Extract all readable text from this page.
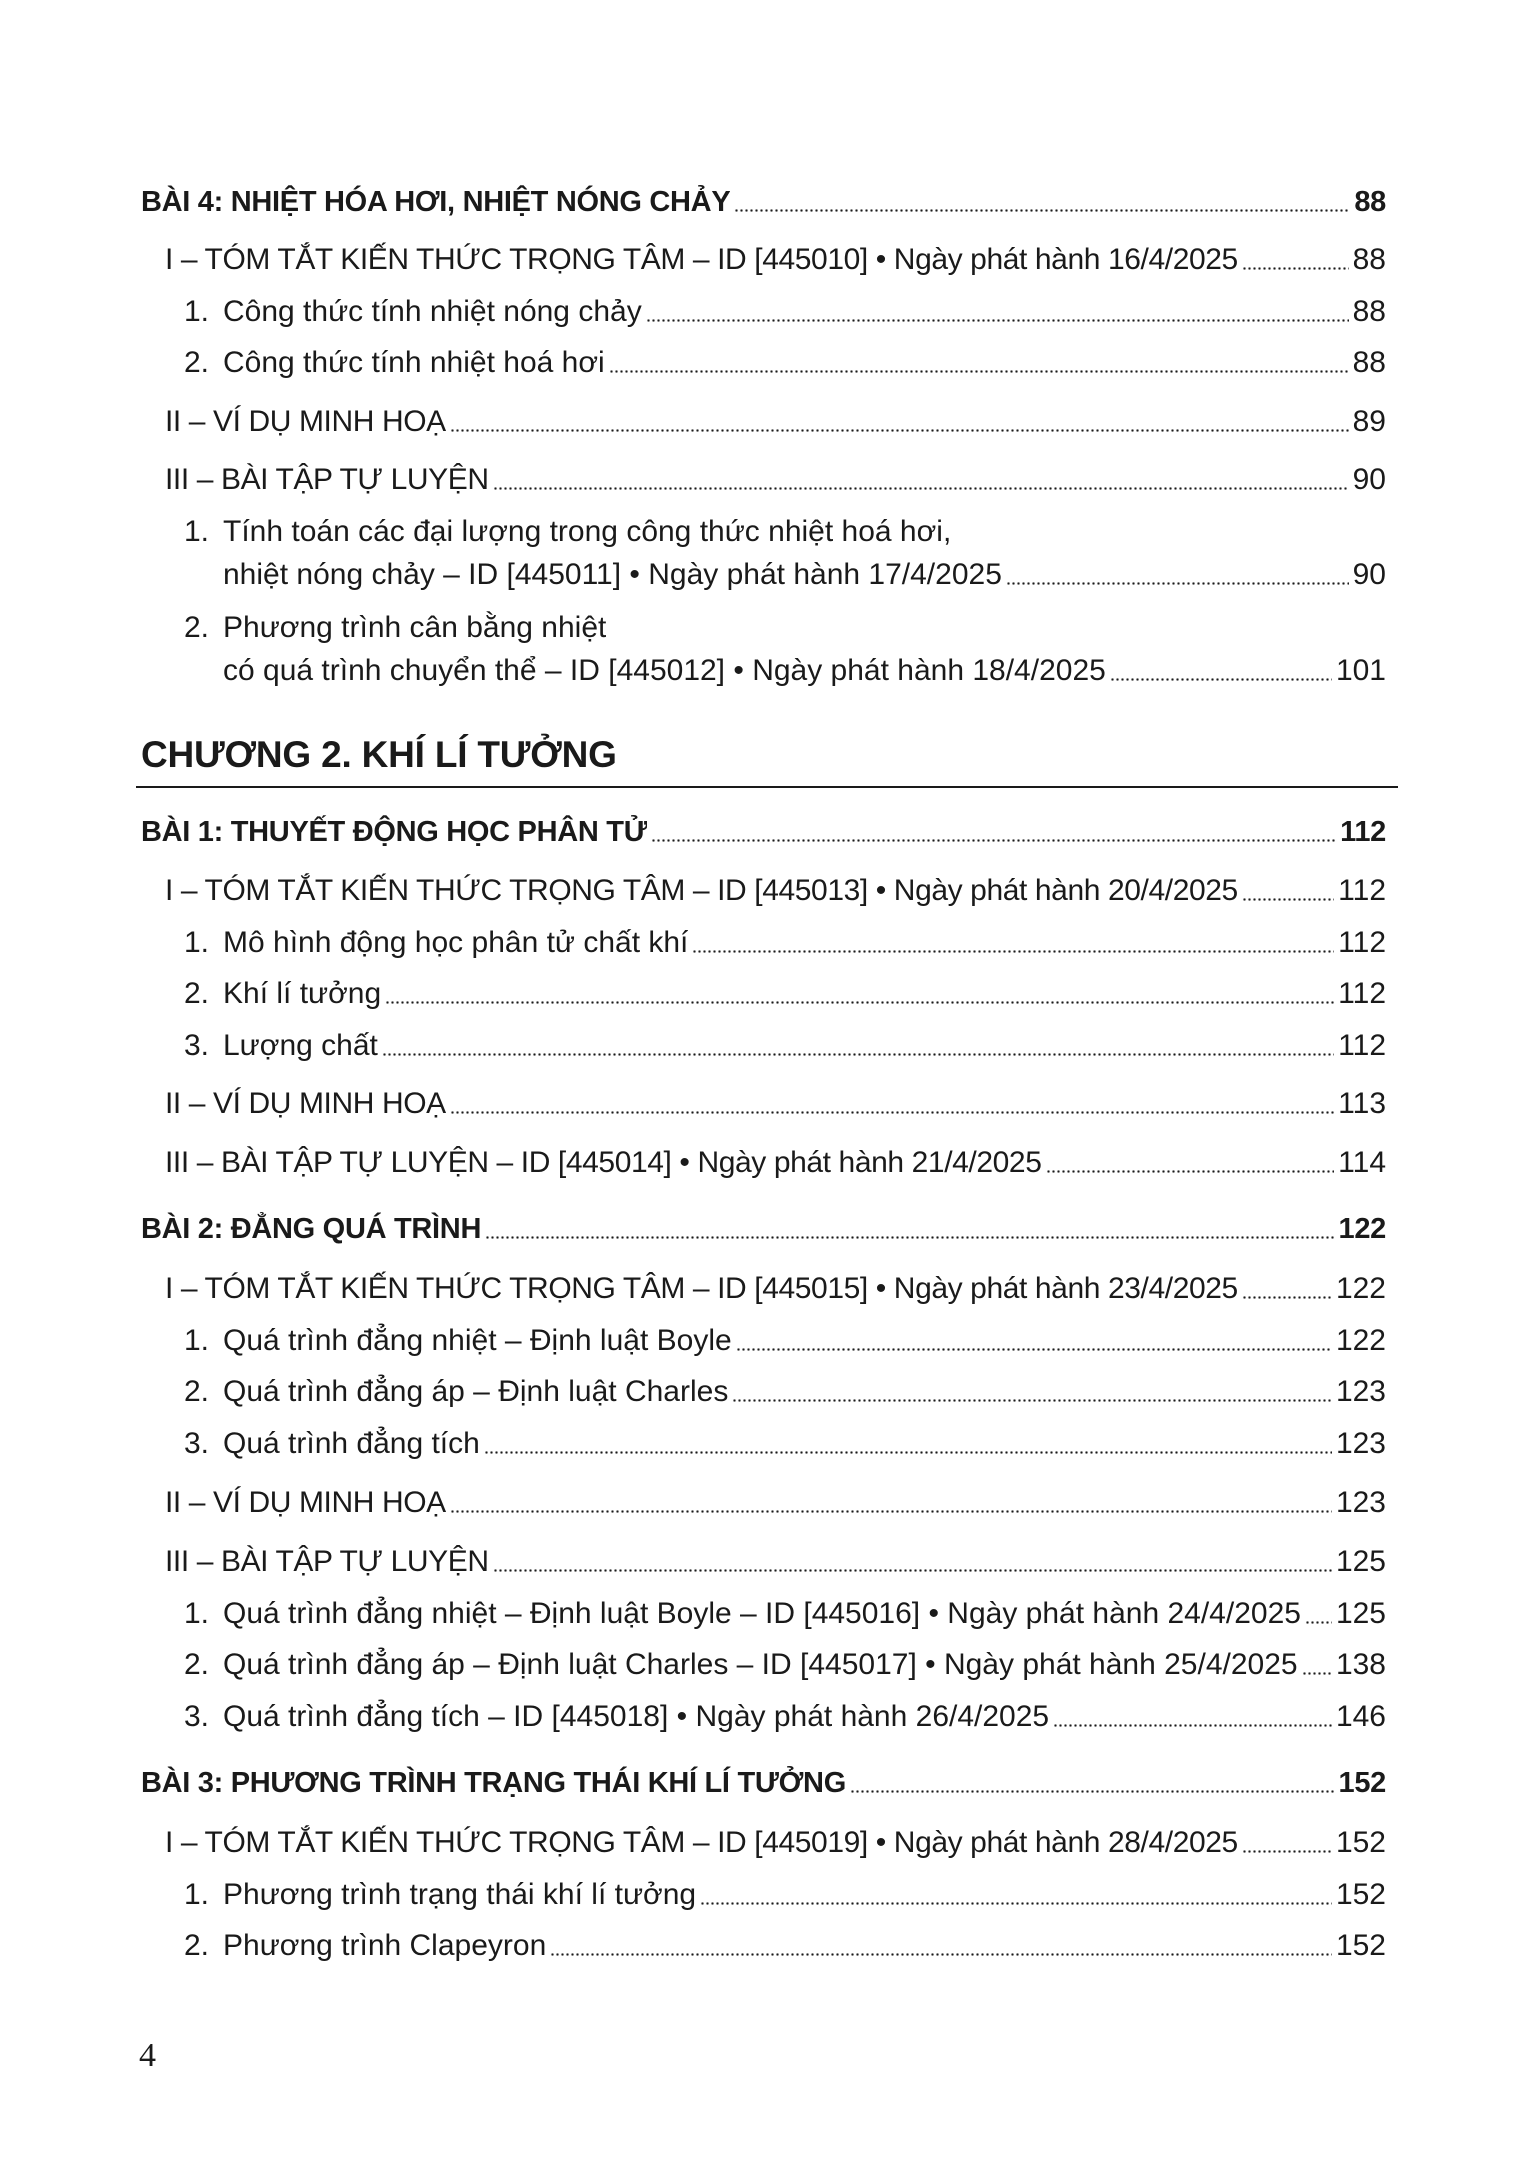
BÀI 4: NHIỆT HÓA HƠI, NHIỆT NÓNG CHẢY	88
I – TÓM TẮT KIẾN THỨC TRỌNG TÂM – ID [445010] • Ngày phát hành 16/4/2025	88
1. Công thức tính nhiệt nóng chảy	88
2. Công thức tính nhiệt hoá hơi	88
II – VÍ DỤ MINH HOẠ	89
III – BÀI TẬP TỰ LUYỆN	90
1. Tính toán các đại lượng trong công thức nhiệt hoá hơi,
nhiệt nóng chảy – ID [445011] • Ngày phát hành 17/4/2025	90
2. Phương trình cân bằng nhiệt
có quá trình chuyển thể – ID [445012] • Ngày phát hành 18/4/2025	101
CHƯƠNG 2. KHÍ LÍ TƯỞNG
BÀI 1: THUYẾT ĐỘNG HỌC PHÂN TỬ	112
I – TÓM TẮT KIẾN THỨC TRỌNG TÂM – ID [445013] • Ngày phát hành 20/4/2025	112
1. Mô hình động học phân tử chất khí	112
2. Khí lí tưởng	112
3. Lượng chất	112
II – VÍ DỤ MINH HOẠ	113
III – BÀI TẬP TỰ LUYỆN – ID [445014] • Ngày phát hành 21/4/2025	114
BÀI 2: ĐẲNG QUÁ TRÌNH	122
I – TÓM TẮT KIẾN THỨC TRỌNG TÂM – ID [445015] • Ngày phát hành 23/4/2025	122
1. Quá trình đẳng nhiệt – Định luật Boyle	122
2. Quá trình đẳng áp – Định luật Charles	123
3. Quá trình đẳng tích	123
II – VÍ DỤ MINH HOẠ	123
III – BÀI TẬP TỰ LUYỆN	125
1. Quá trình đẳng nhiệt – Định luật Boyle – ID [445016] • Ngày phát hành 24/4/2025 125
2. Quá trình đẳng áp – Định luật Charles – ID [445017] • Ngày phát hành 25/4/2025 138
3. Quá trình đẳng tích – ID [445018] • Ngày phát hành 26/4/2025	146
BÀI 3: PHƯƠNG TRÌNH TRẠNG THÁI KHÍ LÍ TƯỞNG	152
I – TÓM TẮT KIẾN THỨC TRỌNG TÂM – ID [445019] • Ngày phát hành 28/4/2025	152
1. Phương trình trạng thái khí lí tưởng	152
2. Phương trình Clapeyron	152
4
